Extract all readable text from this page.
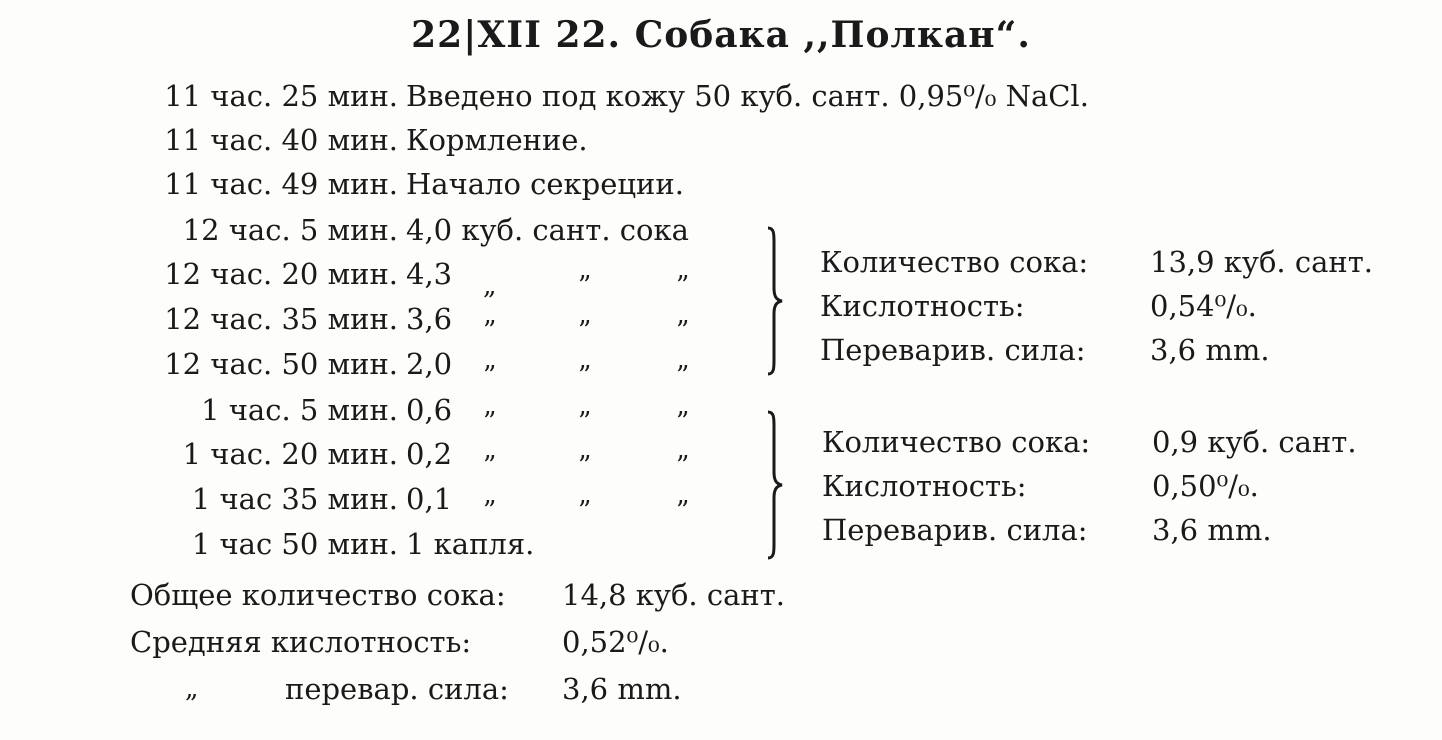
22|XII 22. Собака ,,Полкан“.
11 час. 25 мин. Введено под кожу 50 куб. сант. 0,95⁰/₀ NaCl.
11 час. 40 мин. Кормление.
11 час. 49 мин. Начало секреции.
12 час. 5 мин. 4,0 куб. сант. сока
12 час. 20 мин. 4,3 „	”	”
12 час. 35 мин. 3,6 ”	”	”
12 час. 50 мин. 2,0 ”	”	”
1 час. 5 мин. 0,6 ”	”	”
1 час. 20 мин. 0,2 ”	”	”
1 час 35 мин. 0,1 ”	”	”
1 час 50 мин. 1 капля.
Количество сока: 13,9 куб. сант.
Кислотность:	0,54⁰/₀.
Переварив. сила: 3,6 mm.
Количество сока: 0,9 куб. сант.
Кислотность:	0,50⁰/₀.
Переварив. сила: 3,6 mm.
Общее количество сока: 14,8 куб. сант.
Средняя кислотность:	0,52⁰/₀.
„	перевар. сила: 3,6 mm.
